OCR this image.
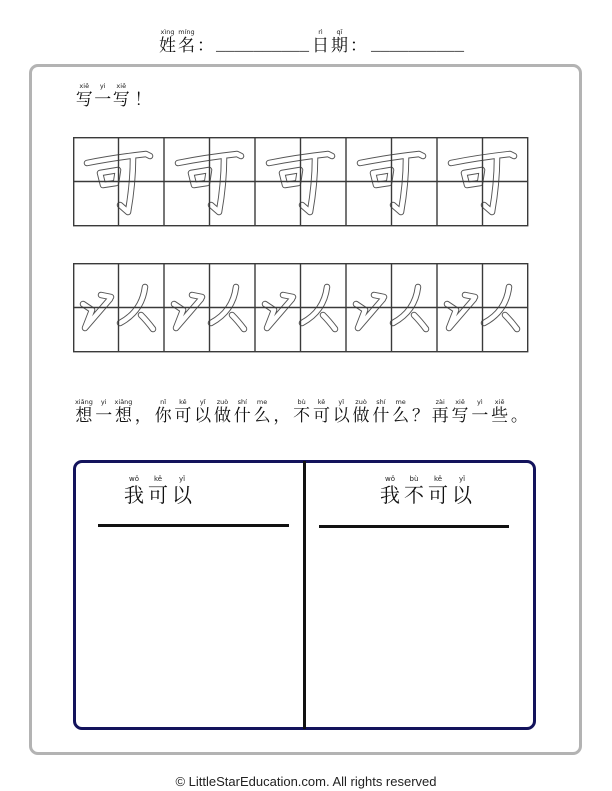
xìng
姓
míng
名 ： __________
rì
日
qī
期 ： __________
xiě
写
yi
一
xiě
写 ！
xiǎng
想
yi
一
xiǎng
想 ，
nǐ
你
kě
可
yǐ
以
zuò
做
shí
什
me
么 ，
bù
不
kě
可
yǐ
以
zuò
做
shí
什
me
么 ？
zài
再
xiě
写
yì
一
xiē
些 。
wǒ
我
kě
可
yǐ
以
wǒ
我
bù
不
kě
可
yǐ
以
© LittleStarEducation.com. All rights reserved
